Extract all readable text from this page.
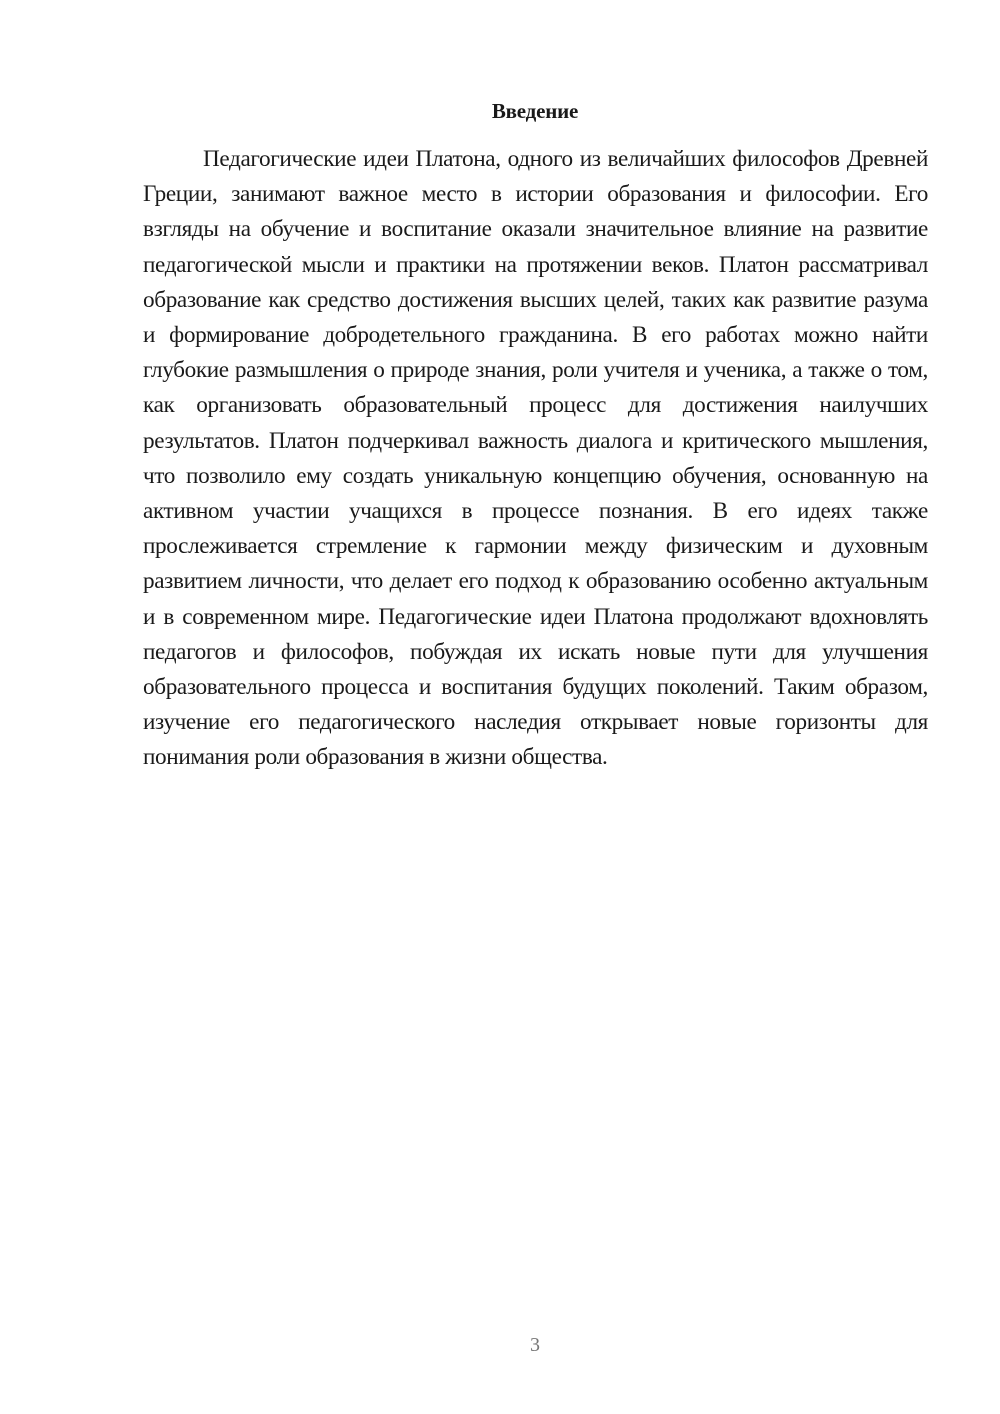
Введение

Педагогические идеи Платона, одного из величайших философов Древней Греции, занимают важное место в истории образования и философии. Его взгляды на обучение и воспитание оказали значительное влияние на развитие педагогической мысли и практики на протяжении веков. Платон рассматривал образование как средство достижения высших целей, таких как развитие разума и формирование добродетельного гражданина. В его работах можно найти глубокие размышления о природе знания, роли учителя и ученика, а также о том, как организовать образовательный процесс для достижения наилучших результатов. Платон подчеркивал важность диалога и критического мышления, что позволило ему создать уникальную концепцию обучения, основанную на активном участии учащихся в процессе познания. В его идеях также прослеживается стремление к гармонии между физическим и духовным развитием личности, что делает его подход к образованию особенно актуальным и в современном мире. Педагогические идеи Платона продолжают вдохновлять педагогов и философов, побуждая их искать новые пути для улучшения образовательного процесса и воспитания будущих поколений. Таким образом, изучение его педагогического наследия открывает новые горизонты для понимания роли образования в жизни общества.

3
